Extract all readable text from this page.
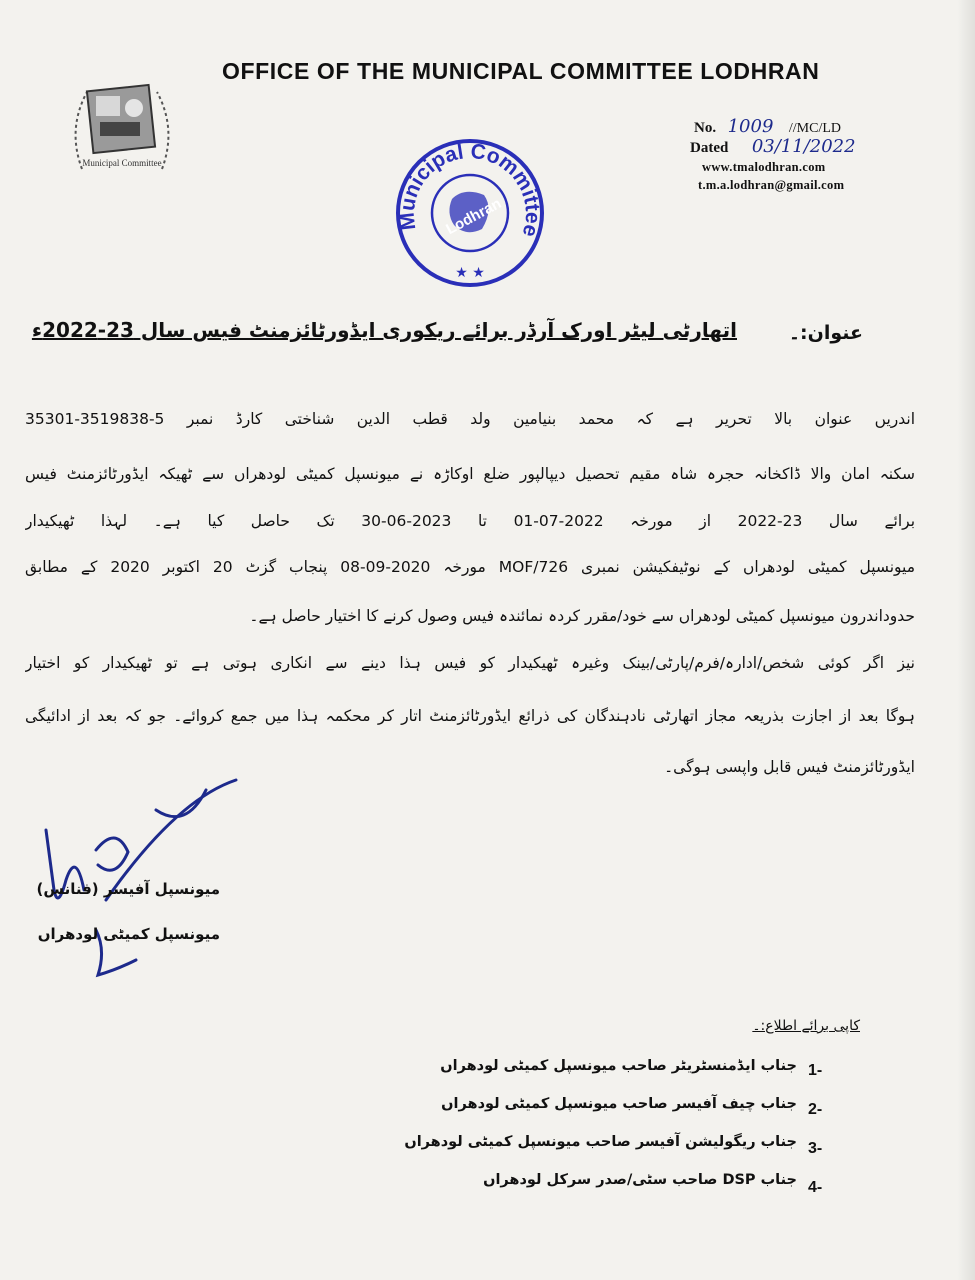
Municipal Committee
OFFICE OF THE MUNICIPAL COMMITTEE LODHRAN
No. 1009 //MC/LD
Dated 03/11/2022
www.tmalodhran.com
t.m.a.lodhran@gmail.com
Municipal Committee
Lodhran
★ ★
عنوان:۔
اتھارٹی لیٹر اورک آرڈر برائے ریکوری ایڈورٹائزمنٹ فیس سال 23-2022ء
اندریں عنوان بالا تحریر ہے کہ محمد بنیامین ولد قطب الدین شناختی کارڈ نمبر 5-3519838-35301
سکنہ امان والا ڈاکخانہ حجرہ شاہ مقیم تحصیل دیپالپور ضلع اوکاڑہ نے میونسپل کمیٹی لودھراں سے ٹھیکہ ایڈورٹائزمنٹ فیس
برائے سال 23-2022 از مورخہ 2022-07-01 تا 2023-06-30 تک حاصل کیا ہے۔ لہذا ٹھیکیدار
میونسپل کمیٹی لودھراں کے نوٹیفکیشن نمبری 726/MOF مورخہ 2020-09-08 پنجاب گزٹ 20 اکتوبر 2020 کے مطابق
حدوداندرون میونسپل کمیٹی لودھراں سے خود/مقرر کردہ نمائندہ فیس وصول کرنے کا اختیار حاصل ہے۔
نیز اگر کوئی شخص/ادارہ/فرم/پارٹی/بینک وغیرہ ٹھیکیدار کو فیس ہذا دینے سے انکاری ہوتی ہے تو ٹھیکیدار کو اختیار
ہوگا بعد از اجازت بذریعہ مجاز اتھارٹی نادہندگان کی ذرائع ایڈورٹائزمنٹ اتار کر محکمہ ہذا میں جمع کروائے۔ جو کہ بعد از ادائیگی
ایڈورٹائزمنٹ فیس قابل واپسی ہوگی۔
میونسپل آفیسر (فنانس)
میونسپل کمیٹی لودھراں
کاپی برائے اطلاع:۔
1-
جناب ایڈمنسٹریٹر صاحب میونسپل کمیٹی لودھراں
2-
جناب چیف آفیسر صاحب میونسپل کمیٹی لودھراں
3-
جناب ریگولیشن آفیسر صاحب میونسپل کمیٹی لودھراں
4-
جناب DSP صاحب سٹی/صدر سرکل لودھراں
